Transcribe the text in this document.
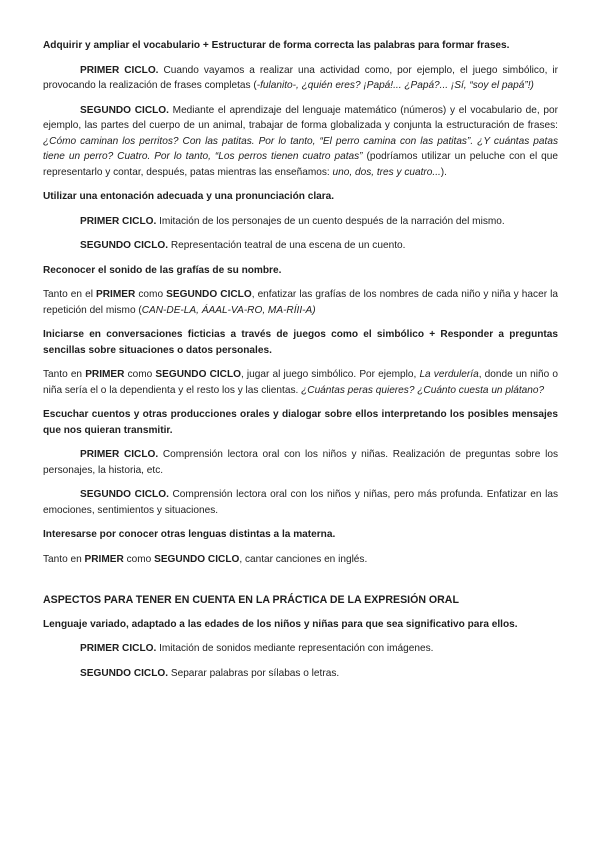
Adquirir y ampliar el vocabulario + Estructurar de forma correcta las palabras para formar frases.

PRIMER CICLO. Cuando vayamos a realizar una actividad como, por ejemplo, el juego simbólico, ir provocando la realización de frases completas (-fulanito-, ¿quién eres? ¡Papá!... ¿Papá?... ¡Sí, “soy el papá”!)

SEGUNDO CICLO. Mediante el aprendizaje del lenguaje matemático (números) y el vocabulario de, por ejemplo, las partes del cuerpo de un animal, trabajar de forma globalizada y conjunta la estructuración de frases: ¿Cómo caminan los perritos? Con las patitas. Por lo tanto, “El perro camina con las patitas”. ¿Y cuántas patas tiene un perro? Cuatro. Por lo tanto, “Los perros tienen cuatro patas” (podríamos utilizar un peluche con el que representarlo y contar, después, patas mientras las enseñamos: uno, dos, tres y cuatro...).

Utilizar una entonación adecuada y una pronunciación clara.

PRIMER CICLO. Imitación de los personajes de un cuento después de la narración del mismo.

SEGUNDO CICLO. Representación teatral de una escena de un cuento.

Reconocer el sonido de las grafías de su nombre.

Tanto en el PRIMER como SEGUNDO CICLO, enfatizar las grafías de los nombres de cada niño y niña y hacer la repetición del mismo (CAN-DE-LA, ÁAAL-VA-RO, MA-RÍII-A)

Iniciarse en conversaciones ficticias a través de juegos como el simbólico + Responder a preguntas sencillas sobre situaciones o datos personales.

Tanto en PRIMER como SEGUNDO CICLO, jugar al juego simbólico. Por ejemplo, La verdulería, donde un niño o niña sería el o la dependienta y el resto los y las clientas. ¿Cuántas peras quieres? ¿Cuánto cuesta un plátano?

Escuchar cuentos y otras producciones orales y dialogar sobre ellos interpretando los posibles mensajes que nos quieran transmitir.

PRIMER CICLO. Comprensión lectora oral con los niños y niñas. Realización de preguntas sobre los personajes, la historia, etc.

SEGUNDO CICLO. Comprensión lectora oral con los niños y niñas, pero más profunda. Enfatizar en las emociones, sentimientos y situaciones.

Interesarse por conocer otras lenguas distintas a la materna.

Tanto en PRIMER como SEGUNDO CICLO, cantar canciones en inglés.

ASPECTOS PARA TENER EN CUENTA EN LA PRÁCTICA DE LA EXPRESIÓN ORAL

Lenguaje variado, adaptado a las edades de los niños y niñas para que sea significativo para ellos.

PRIMER CICLO. Imitación de sonidos mediante representación con imágenes.

SEGUNDO CICLO. Separar palabras por sílabas o letras.
